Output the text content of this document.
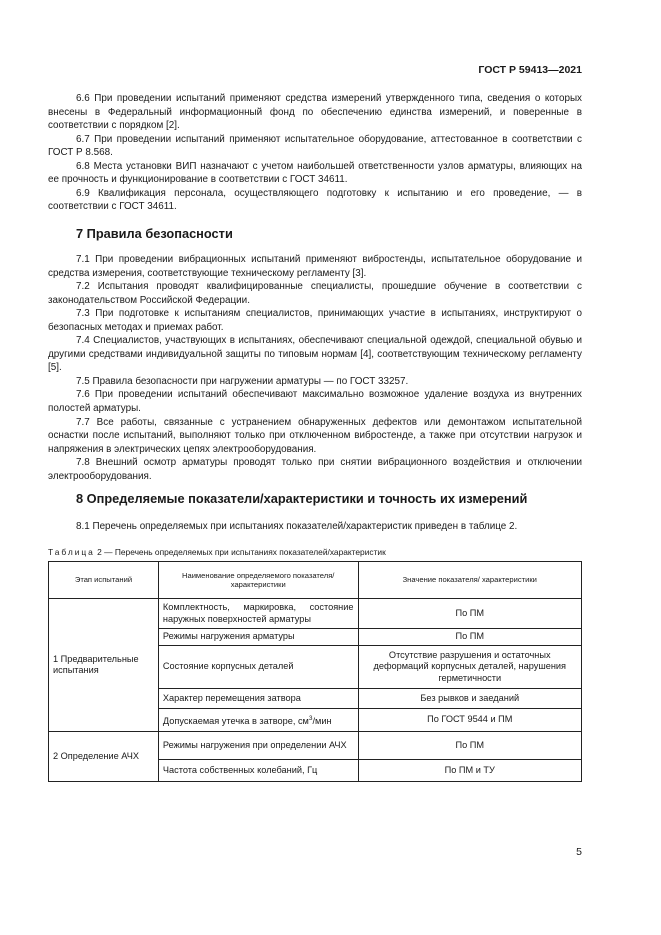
ГОСТ Р 59413—2021

6.6 При проведении испытаний применяют средства измерений утвержденного типа, сведения о которых внесены в Федеральный информационный фонд по обеспечению единства измерений, и поверенные в соответствии с порядком [2].

6.7 При проведении испытаний применяют испытательное оборудование, аттестованное в соответствии с ГОСТ Р 8.568.

6.8 Места установки ВИП назначают с учетом наибольшей ответственности узлов арматуры, влияющих на ее прочность и функционирование в соответствии с ГОСТ 34611.

6.9 Квалификация персонала, осуществляющего подготовку к испытанию и его проведение, — в соответствии с ГОСТ 34611.

7 Правила безопасности

7.1 При проведении вибрационных испытаний применяют вибростенды, испытательное оборудование и средства измерения, соответствующие техническому регламенту [3].

7.2 Испытания проводят квалифицированные специалисты, прошедшие обучение в соответствии с законодательством Российской Федерации.

7.3 При подготовке к испытаниям специалистов, принимающих участие в испытаниях, инструктируют о безопасных методах и приемах работ.

7.4 Специалистов, участвующих в испытаниях, обеспечивают специальной одеждой, специальной обувью и другими средствами индивидуальной защиты по типовым нормам [4], соответствующим техническому регламенту [5].

7.5 Правила безопасности при нагружении арматуры — по ГОСТ 33257.

7.6 При проведении испытаний обеспечивают максимально возможное удаление воздуха из внутренних полостей арматуры.

7.7 Все работы, связанные с устранением обнаруженных дефектов или демонтажом испытательной оснастки после испытаний, выполняют только при отключенном вибростенде, а также при отсутствии нагрузок и напряжения в электрических цепях электрооборудования.

7.8 Внешний осмотр арматуры проводят только при снятии вибрационного воздействия и отключении электрооборудования.

8 Определяемые показатели/характеристики и точность их измерений

8.1 Перечень определяемых при испытаниях показателей/характеристик приведен в таблице 2.

Таблица 2 — Перечень определяемых при испытаниях показателей/характеристик
Этап испытаний	Наименование определяемого показателя/характеристики	Значение показателя/ характеристики
1 Предварительные испытания	Комплектность, маркировка, состояние наружных поверхностей арматуры	По ПМ
	Режимы нагружения арматуры	По ПМ
	Состояние корпусных деталей	Отсутствие разрушения и остаточных деформаций корпусных деталей, нарушения герметичности
	Характер перемещения затвора	Без рывков и заеданий
	Допускаемая утечка в затворе, $см^3$/мин	По ГОСТ 9544 и ПМ
2 Определение АЧХ	Режимы нагружения при определении АЧХ	По ПМ
	Частота собственных колебаний, Гц	По ПМ и ТУ
5
